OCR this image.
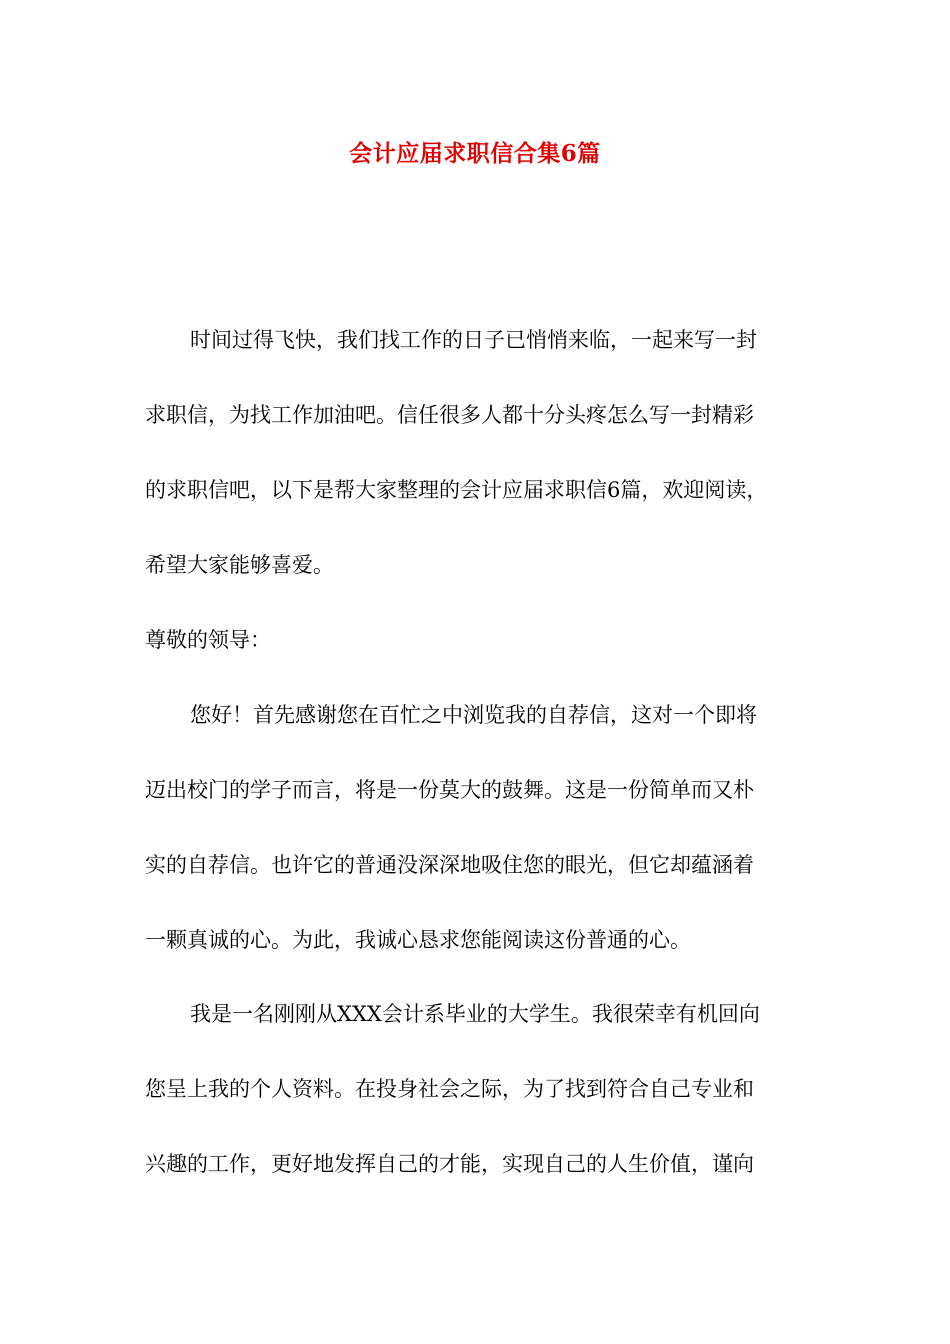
会计应届求职信合集6篇
时间过得飞快，我们找工作的日子已悄悄来临，一起来写一封
求职信，为找工作加油吧。信任很多人都十分头疼怎么写一封精彩
的求职信吧，以下是帮大家整理的会计应届求职信6篇，欢迎阅读，
希望大家能够喜爱。
尊敬的领导：
您好！首先感谢您在百忙之中浏览我的自荐信，这对一个即将
迈出校门的学子而言，将是一份莫大的鼓舞。这是一份简单而又朴
实的自荐信。也许它的普通没深深地吸住您的眼光，但它却蕴涵着
一颗真诚的心。为此，我诚心恳求您能阅读这份普通的心。
我是一名刚刚从XXX会计系毕业的大学生。我很荣幸有机回向
您呈上我的个人资料。在投身社会之际，为了找到符合自己专业和
兴趣的工作，更好地发挥自己的才能，实现自己的人生价值，谨向
